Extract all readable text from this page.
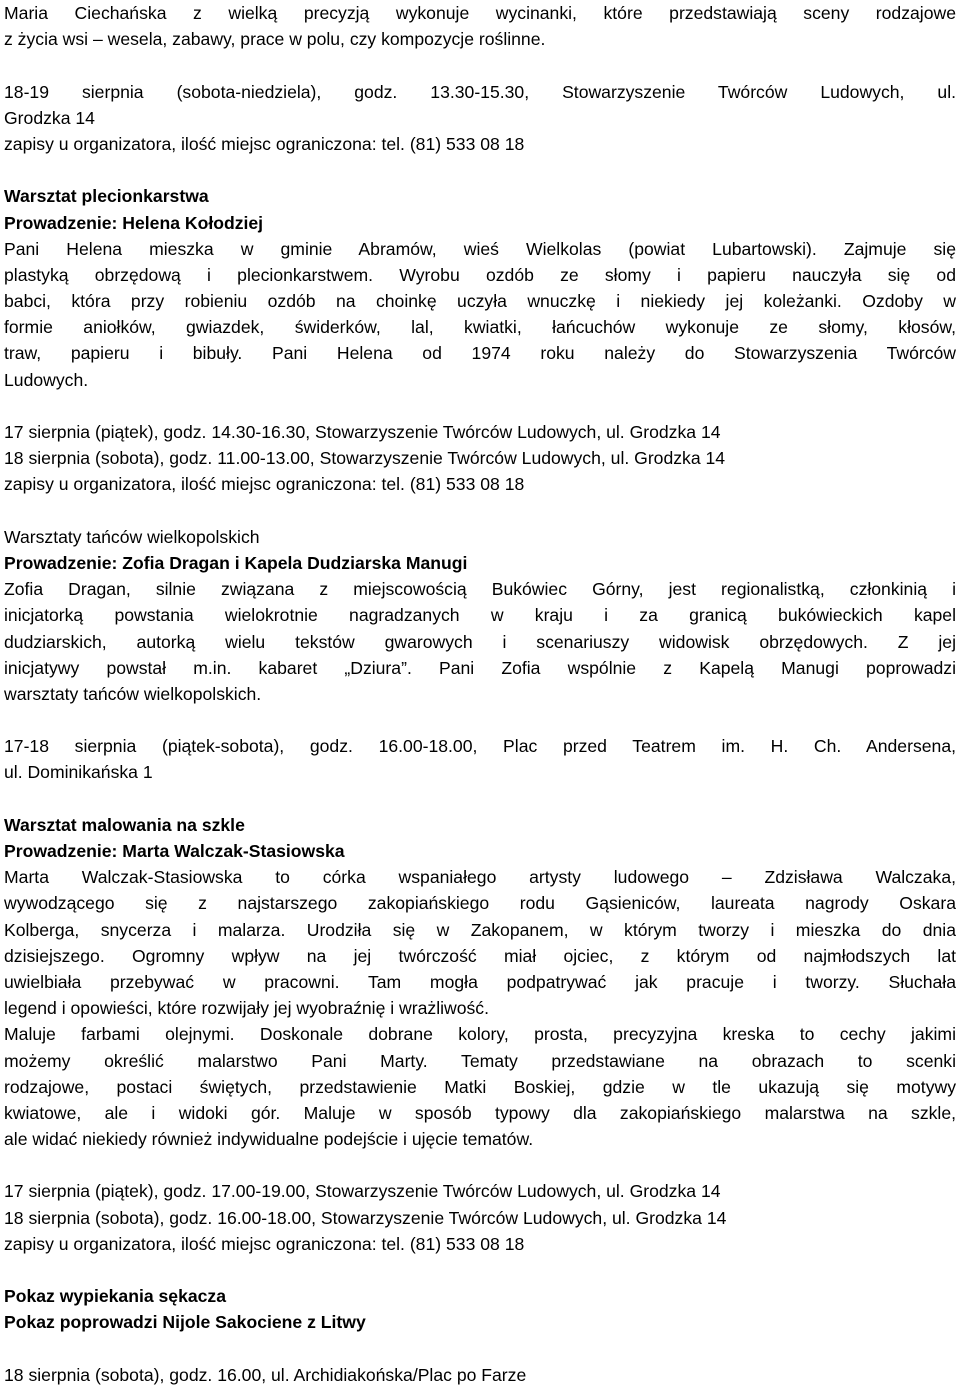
Maria Ciechańska z wielką precyzją wykonuje wycinanki, które przedstawiają sceny rodzajowe

z życia wsi – wesela, zabawy, prace w polu, czy kompozycje roślinne.

18-19 sierpnia (sobota-niedziela), godz. 13.30-15.30, Stowarzyszenie Twórców Ludowych, ul.

Grodzka 14

zapisy u organizatora, ilość miejsc ograniczona: tel. (81) 533 08 18

Warsztat plecionkarstwa

Prowadzenie: Helena Kołodziej

Pani Helena mieszka w gminie Abramów, wieś Wielkolas (powiat Lubartowski). Zajmuje się

plastyką obrzędową i plecionkarstwem. Wyrobu ozdób ze słomy i papieru nauczyła się od

babci, która przy robieniu ozdób na choinkę uczyła wnuczkę i niekiedy jej koleżanki. Ozdoby w

formie aniołków, gwiazdek, świderków, lal, kwiatki, łańcuchów wykonuje ze słomy, kłosów,

traw, papieru i bibuły. Pani Helena od 1974 roku należy do Stowarzyszenia Twórców

Ludowych.

17 sierpnia (piątek), godz. 14.30-16.30, Stowarzyszenie Twórców Ludowych, ul. Grodzka 14

18 sierpnia (sobota), godz. 11.00-13.00, Stowarzyszenie Twórców Ludowych, ul. Grodzka 14

zapisy u organizatora, ilość miejsc ograniczona: tel. (81) 533 08 18

Warsztaty tańców wielkopolskich

Prowadzenie: Zofia Dragan i Kapela Dudziarska Manugi

Zofia Dragan, silnie związana z miejscowością Bukówiec Górny, jest regionalistką, członkinią i

inicjatorką powstania wielokrotnie nagradzanych w kraju i za granicą bukówieckich kapel

dudziarskich, autorką wielu tekstów gwarowych i scenariuszy widowisk obrzędowych. Z jej

inicjatywy powstał m.in. kabaret „Dziura”. Pani Zofia wspólnie z Kapelą Manugi poprowadzi

warsztaty tańców wielkopolskich.

17-18 sierpnia (piątek-sobota), godz. 16.00-18.00, Plac przed Teatrem im. H. Ch. Andersena,

ul. Dominikańska 1

Warsztat malowania na szkle

Prowadzenie: Marta Walczak-Stasiowska

Marta Walczak-Stasiowska to córka wspaniałego artysty ludowego – Zdzisława Walczaka,

wywodzącego się z najstarszego zakopiańskiego rodu Gąsieniców, laureata nagrody Oskara

Kolberga, snycerza i malarza. Urodziła się w Zakopanem, w którym tworzy i mieszka do dnia

dzisiejszego. Ogromny wpływ na jej twórczość miał ojciec, z którym od najmłodszych lat

uwielbiała przebywać w pracowni. Tam mogła podpatrywać jak pracuje i tworzy. Słuchała

legend i opowieści, które rozwijały jej wyobraźnię i wrażliwość.

Maluje farbami olejnymi. Doskonale dobrane kolory, prosta, precyzyjna kreska to cechy jakimi

możemy określić malarstwo Pani Marty. Tematy przedstawiane na obrazach to scenki

rodzajowe, postaci świętych, przedstawienie Matki Boskiej, gdzie w tle ukazują się motywy

kwiatowe, ale i widoki gór. Maluje w sposób typowy dla zakopiańskiego malarstwa na szkle,

ale widać niekiedy również indywidualne podejście i ujęcie tematów.

17 sierpnia (piątek), godz. 17.00-19.00, Stowarzyszenie Twórców Ludowych, ul. Grodzka 14

18 sierpnia (sobota), godz. 16.00-18.00, Stowarzyszenie Twórców Ludowych, ul. Grodzka 14

zapisy u organizatora, ilość miejsc ograniczona: tel. (81) 533 08 18

Pokaz wypiekania sękacza

Pokaz poprowadzi Nijole Sakociene z Litwy

18 sierpnia (sobota), godz. 16.00, ul. Archidiakońska/Plac po Farze
